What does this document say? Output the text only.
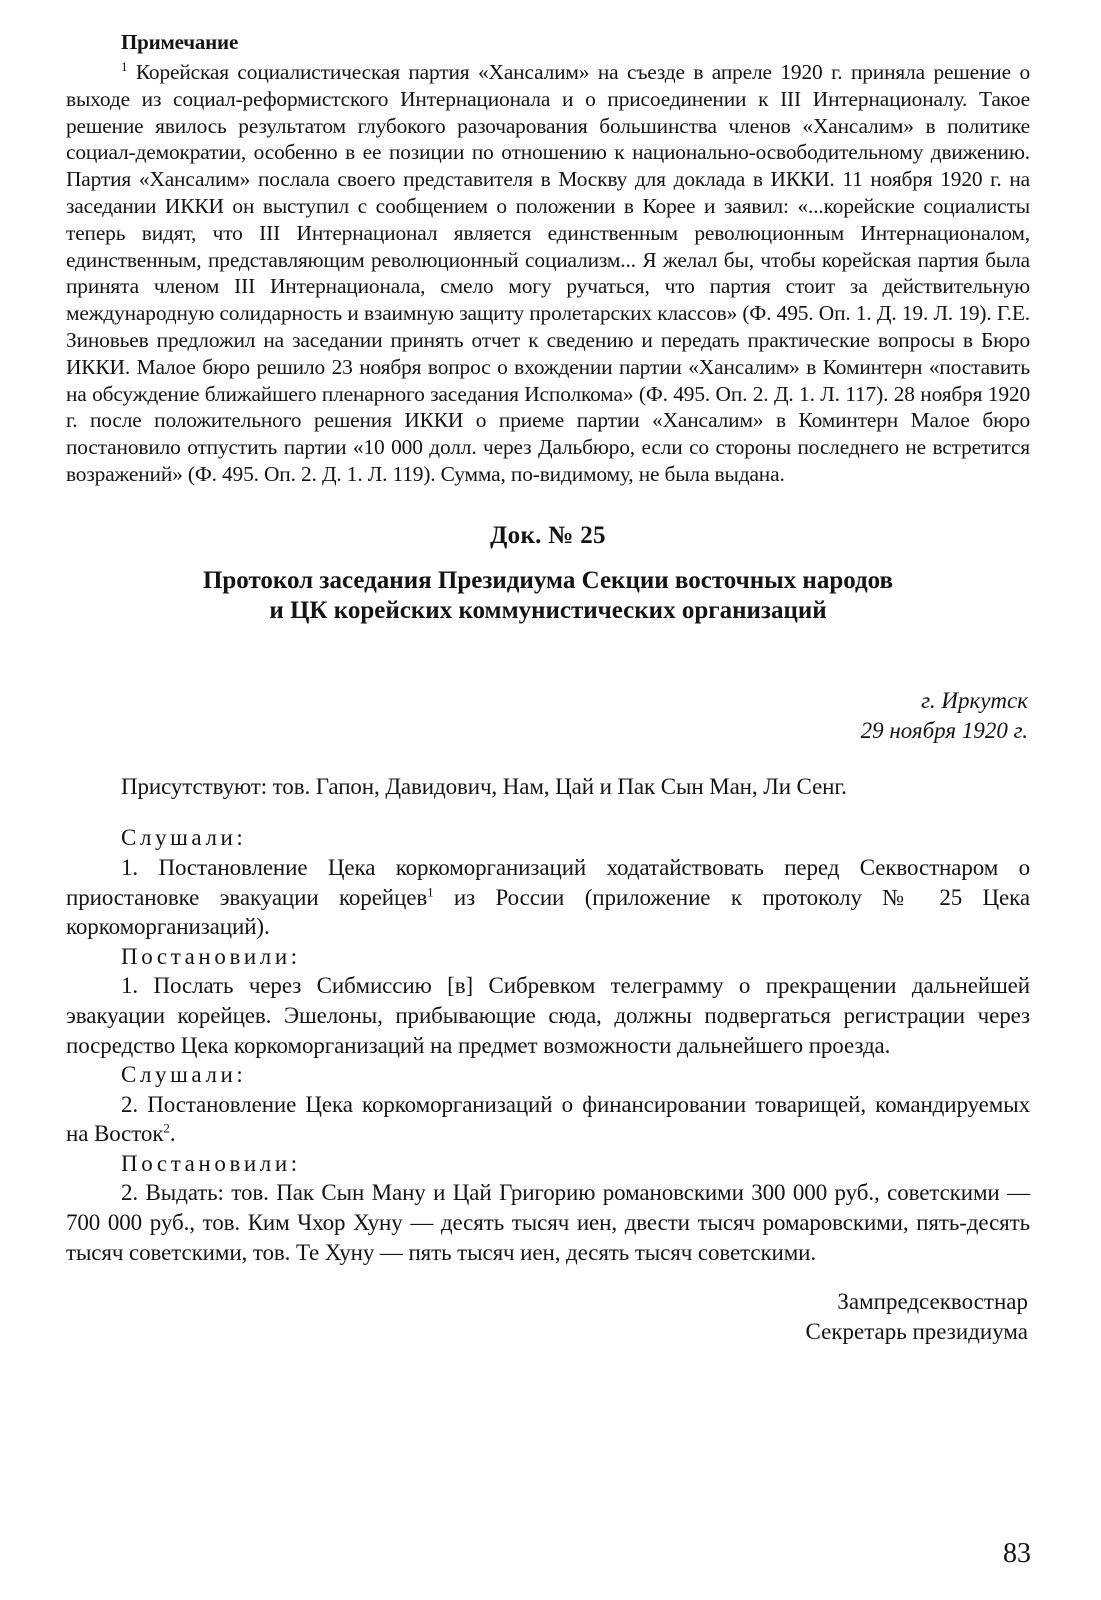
Примечание

$^1$ Корейская социалистическая партия «Хансалим» на съезде в апреле 1920 г. приняла решение о выходе из социал-реформистского Интернационала и о присоединении к III Интернационалу. Такое решение явилось результатом глубокого разочарования большинства членов «Хансалим» в политике социал-демократии, особенно в ее позиции по отношению к национально-освободительному движению. Партия «Хансалим» послала своего представителя в Москву для доклада в ИККИ. 11 ноября 1920 г. на заседании ИККИ он выступил с сообщением о положении в Корее и заявил: «...корейские социалисты теперь видят, что III Интернационал является единственным революционным Интернационалом, единственным, представляющим революционный социализм... Я желал бы, чтобы корейская партия была принята членом III Интернационала, смело могу ручаться, что партия стоит за действительную международную солидарность и взаимную защиту пролетарских классов» (Ф. 495. Оп. 1. Д. 19. Л. 19). Г.Е. Зиновьев предложил на заседании принять отчет к сведению и передать практические вопросы в Бюро ИККИ. Малое бюро решило 23 ноября вопрос о вхождении партии «Хансалим» в Коминтерн «поставить на обсуждение ближайшего пленарного заседания Исполкома» (Ф. 495. Оп. 2. Д. 1. Л. 117). 28 ноября 1920 г. после положительного решения ИККИ о приеме партии «Хансалим» в Коминтерн Малое бюро постановило отпустить партии «10 000 долл. через Дальбюро, если со стороны последнего не встретится возражений» (Ф. 495. Оп. 2. Д. 1. Л. 119). Сумма, по-видимому, не была выдана.

Док. № 25
Протокол заседания Президиума Секции восточных народов
и ЦК корейских коммунистических организаций
г. Иркутск
29 ноября 1920 г.

Присутствуют: тов. Гапон, Давидович, Нам, Цай и Пак Сын Ман, Ли Сенг.

Слушали:

1. Постановление Цека коркоморганизаций ходатайствовать перед Секвостнаром о приостановке эвакуации корейцев$^1$ из России (приложение к протоколу № 25 Цека коркоморганизаций).

Постановили:

1. Послать через Сибмиссию [в] Сибревком телеграмму о прекращении дальнейшей эвакуации корейцев. Эшелоны, прибывающие сюда, должны подвергаться регистрации через посредство Цека коркоморганизаций на предмет возможности дальнейшего проезда.

Слушали:

2. Постановление Цека коркоморганизаций о финансировании товарищей, командируемых на Восток$^2$.

Постановили:

2. Выдать: тов. Пак Сын Ману и Цай Григорию романовскими 300 000 руб., советскими — 700 000 руб., тов. Ким Чхор Хуну — десять тысяч иен, двести тысяч ромаровскими, пять-десять тысяч советскими, тов. Те Хуну — пять тысяч иен, десять тысяч советскими.

Зампредсеквостнар
Секретарь президиума
83
